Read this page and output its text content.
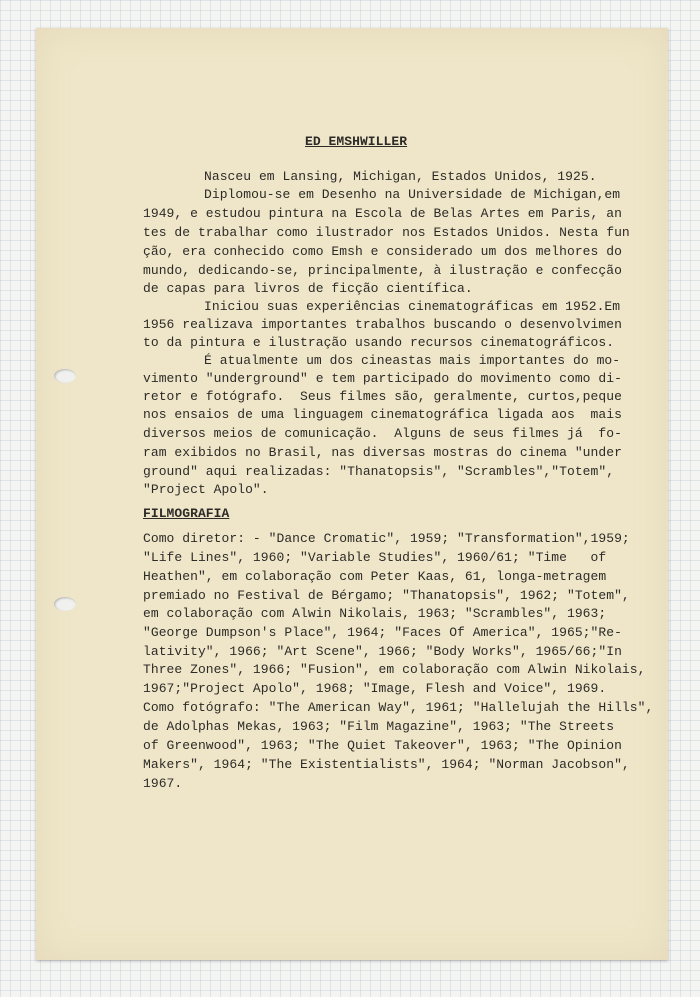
ED EMSHWILLER

Nasceu em Lansing, Michigan, Estados Unidos, 1925.

Diplomou-se em Desenho na Universidade de Michigan,em

1949, e estudou pintura na Escola de Belas Artes em Paris, an

tes de trabalhar como ilustrador nos Estados Unidos. Nesta fun

ção, era conhecido como Emsh e considerado um dos melhores do

mundo, dedicando-se, principalmente, à ilustração e confecção

de capas para livros de ficção científica.

Iniciou suas experiências cinematográficas em 1952.Em

1956 realizava importantes trabalhos buscando o desenvolvimen

to da pintura e ilustração usando recursos cinematográficos.

É atualmente um dos cineastas mais importantes do mo-

vimento "underground" e tem participado do movimento como di-

retor e fotógrafo.  Seus filmes são, geralmente, curtos,peque

nos ensaios de uma linguagem cinematográfica ligada aos  mais

diversos meios de comunicação.  Alguns de seus filmes já  fo-

ram exibidos no Brasil, nas diversas mostras do cinema "under

ground" aqui realizadas: "Thanatopsis", "Scrambles","Totem",

"Project Apolo".

FILMOGRAFIA

Como diretor: - "Dance Cromatic", 1959; "Transformation",1959;

"Life Lines", 1960; "Variable Studies", 1960/61; "Time   of

Heathen", em colaboração com Peter Kaas, 61, longa-metragem

premiado no Festival de Bérgamo; "Thanatopsis", 1962; "Totem",

em colaboração com Alwin Nikolais, 1963; "Scrambles", 1963;

"George Dumpson's Place", 1964; "Faces Of America", 1965;"Re-

lativity", 1966; "Art Scene", 1966; "Body Works", 1965/66;"In

Three Zones", 1966; "Fusion", em colaboração com Alwin Nikolais,

1967;"Project Apolo", 1968; "Image, Flesh and Voice", 1969.

Como fotógrafo: "The American Way", 1961; "Hallelujah the Hills",

de Adolphas Mekas, 1963; "Film Magazine", 1963; "The Streets

of Greenwood", 1963; "The Quiet Takeover", 1963; "The Opinion

Makers", 1964; "The Existentialists", 1964; "Norman Jacobson",

1967.
